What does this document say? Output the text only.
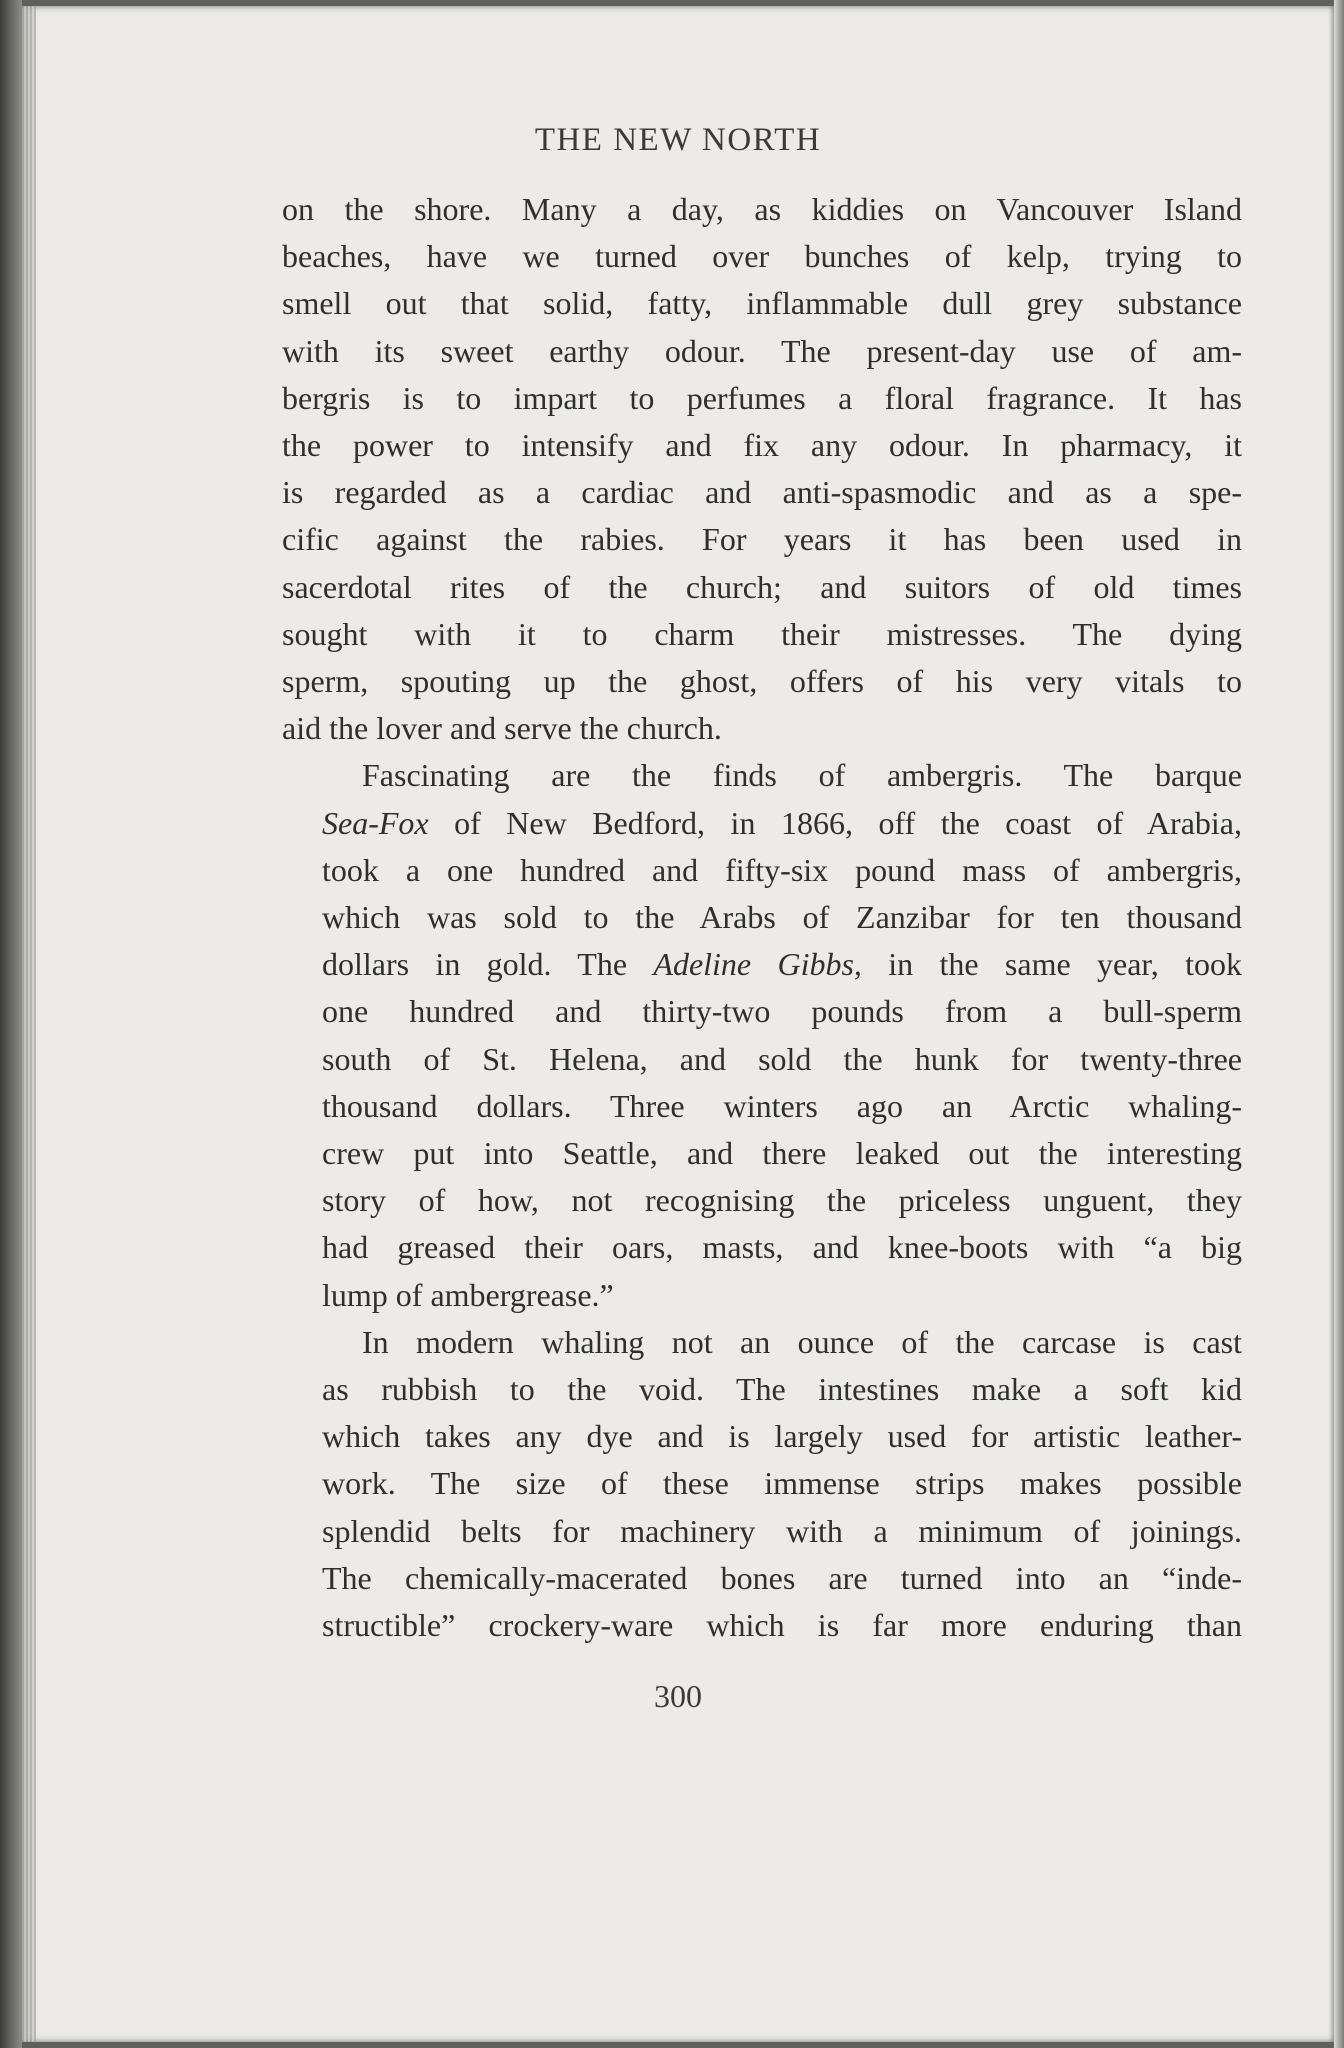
THE NEW NORTH

on the shore. Many a day, as kiddies on Vancouver Island
beaches, have we turned over bunches of kelp, trying to
smell out that solid, fatty, inflammable dull grey substance
with its sweet earthy odour. The present-day use of am-
bergris is to impart to perfumes a floral fragrance. It has
the power to intensify and fix any odour. In pharmacy, it
is regarded as a cardiac and anti-spasmodic and as a spe-
cific against the rabies. For years it has been used in
sacerdotal rites of the church; and suitors of old times
sought with it to charm their mistresses. The dying
sperm, spouting up the ghost, offers of his very vitals to
aid the lover and serve the church.

Fascinating are the finds of ambergris. The barque
Sea-Fox of New Bedford, in 1866, off the coast of Arabia,
took a one hundred and fifty-six pound mass of ambergris,
which was sold to the Arabs of Zanzibar for ten thousand
dollars in gold. The Adeline Gibbs, in the same year, took
one hundred and thirty-two pounds from a bull-sperm
south of St. Helena, and sold the hunk for twenty-three
thousand dollars. Three winters ago an Arctic whaling-
crew put into Seattle, and there leaked out the interesting
story of how, not recognising the priceless unguent, they
had greased their oars, masts, and knee-boots with “a big
lump of ambergrease.”

In modern whaling not an ounce of the carcase is cast
as rubbish to the void. The intestines make a soft kid
which takes any dye and is largely used for artistic leather-
work. The size of these immense strips makes possible
splendid belts for machinery with a minimum of joinings.
The chemically-macerated bones are turned into an “inde-
structible” crockery-ware which is far more enduring than

300
